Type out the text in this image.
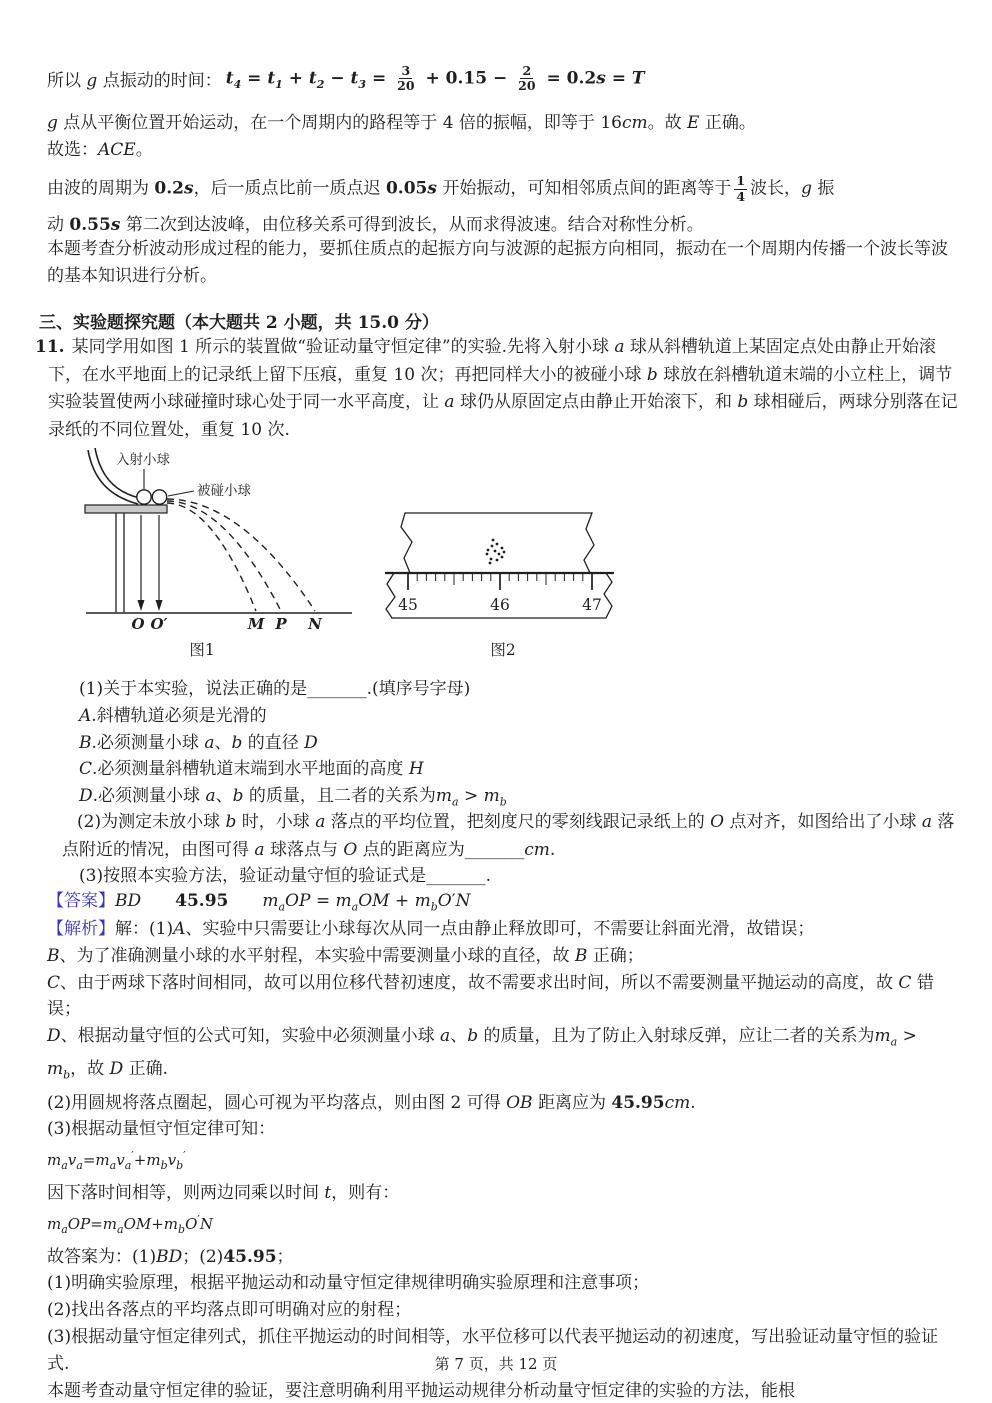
所以 g 点振动的时间： $t_4 = t_1 + t_2 - t_3 = \frac{3}{20} + 0.15 - \frac{2}{20} = 0.2s = T$
g 点从平衡位置开始运动，在一个周期内的路程等于 4 倍的振幅，即等于 16cm。故 E 正确。
故选：ACE。
由波的周期为 0.2s，后一质点比前一质点迟 0.05s 开始振动，可知相邻质点间的距离等于 $\frac{1}{4}$ 波长，g 振
动 0.55s 第二次到达波峰，由位移关系可得到波长，从而求得波速。结合对称性分析。
本题考查分析波动形成过程的能力，要抓住质点的起振方向与波源的起振方向相同，振动在一个周期内传播一个波长等波的基本知识进行分析。
三、实验题探究题（本大题共 2 小题，共 15.0 分）
11. 某同学用如图 1 所示的装置做“验证动量守恒定律”的实验.先将入射小球 a 球从斜槽轨道上某固定点处由静止开始滚下，在水平地面上的记录纸上留下压痕，重复 10 次；再把同样大小的被碰小球 b 球放在斜槽轨道末端的小立柱上，调节实验装置使两小球碰撞时球心处于同一水平高度，让 a 球仍从原固定点由静止开始滚下，和 b 球相碰后，两球分别落在记录纸的不同位置处，重复 10 次.
入射小球
被碰小球
O O′	M P N
图1
45	46	47
图2
(1)关于本实验，说法正确的是_______.(填序号字母)
A.斜槽轨道必须是光滑的
B.必须测量小球 a、b 的直径 D
C.必须测量斜槽轨道末端到水平地面的高度 H
D.必须测量小球 a、b 的质量，且二者的关系为$m_a > m_b$
(2)为测定未放小球 b 时，小球 a 落点的平均位置，把刻度尺的零刻线跟记录纸上的 O 点对齐，如图给出了小球 a 落点附近的情况，由图可得 a 球落点与 O 点的距离应为_______cm.
(3)按照本实验方法，验证动量守恒的验证式是_______.
【答案】BD　　 45.95　　 $m_aOP = m_aOM + m_bO'N$

【解析】解：(1)A、实验中只需要让小球每次从同一点由静止释放即可，不需要让斜面光滑，故错误；

B、为了准确测量小球的水平射程，本实验中需要测量小球的直径，故 B 正确；

C、由于两球下落时间相同，故可以用位移代替初速度，故不需要求出时间，所以不需要测量平抛运动的高度，故 C 错误；

D、根据动量守恒的公式可知，实验中必须测量小球 a、b 的质量，且为了防止入射球反弹，应让二者的关系为$m_a > m_b$，故 D 正确.

(2)用圆规将落点圈起，圆心可视为平均落点，则由图 2 可得 OB 距离应为 45.95cm.

(3)根据动量恒守恒定律可知：

$m_av_a=m_av_a'+m_bv_b'$

因下落时间相等，则两边同乘以时间 t，则有：

$m_aOP=m_aOM+m_bO'N$

故答案为：(1)BD；(2)45.95；

(1)明确实验原理，根据平抛运动和动量守恒定律规律明确实验原理和注意事项；

(2)找出各落点的平均落点即可明确对应的射程；

(3)根据动量守恒定律列式，抓住平抛运动的时间相等，水平位移可以代表平抛运动的初速度，写出验证动量守恒的验证式.

本题考查动量守恒定律的验证，要注意明确利用平抛运动规律分析动量守恒定律的实验的方法，能根

第 7 页，共 12 页
